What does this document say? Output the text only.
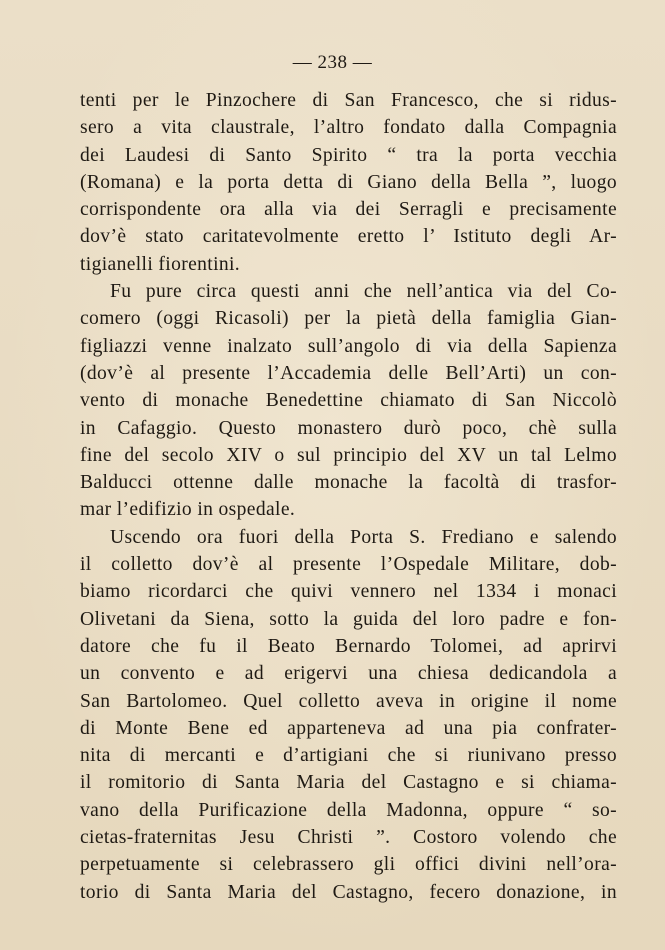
— 238 —
tenti per le Pinzochere di San Francesco, che si ridus-
sero a vita claustrale, l’altro fondato dalla Compagnia
dei Laudesi di Santo Spirito “ tra la porta vecchia
(Romana) e la porta detta di Giano della Bella ”, luogo
corrispondente ora alla via dei Serragli e precisamente
dov’è stato caritatevolmente eretto l’ Istituto degli Ar-
tigianelli fiorentini.
Fu pure circa questi anni che nell’antica via del Co-
comero (oggi Ricasoli) per la pietà della famiglia Gian-
figliazzi venne inalzato sull’angolo di via della Sapienza
(dov’è al presente l’Accademia delle Bell’Arti) un con-
vento di monache Benedettine chiamato di San Niccolò
in Cafaggio. Questo monastero durò poco, chè sulla
fine del secolo XIV o sul principio del XV un tal Lelmo
Balducci ottenne dalle monache la facoltà di trasfor-
mar l’edifizio in ospedale.
Uscendo ora fuori della Porta S. Frediano e salendo
il colletto dov’è al presente l’Ospedale Militare, dob-
biamo ricordarci che quivi vennero nel 1334 i monaci
Olivetani da Siena, sotto la guida del loro padre e fon-
datore che fu il Beato Bernardo Tolomei, ad aprirvi
un convento e ad erigervi una chiesa dedicandola a
San Bartolomeo. Quel colletto aveva in origine il nome
di Monte Bene ed apparteneva ad una pia confrater-
nita di mercanti e d’artigiani che si riunivano presso
il romitorio di Santa Maria del Castagno e si chiama-
vano della Purificazione della Madonna, oppure “ so-
cietas-fraternitas Jesu Christi ”. Costoro volendo che
perpetuamente si celebrassero gli offici divini nell’ora-
torio di Santa Maria del Castagno, fecero donazione, in
